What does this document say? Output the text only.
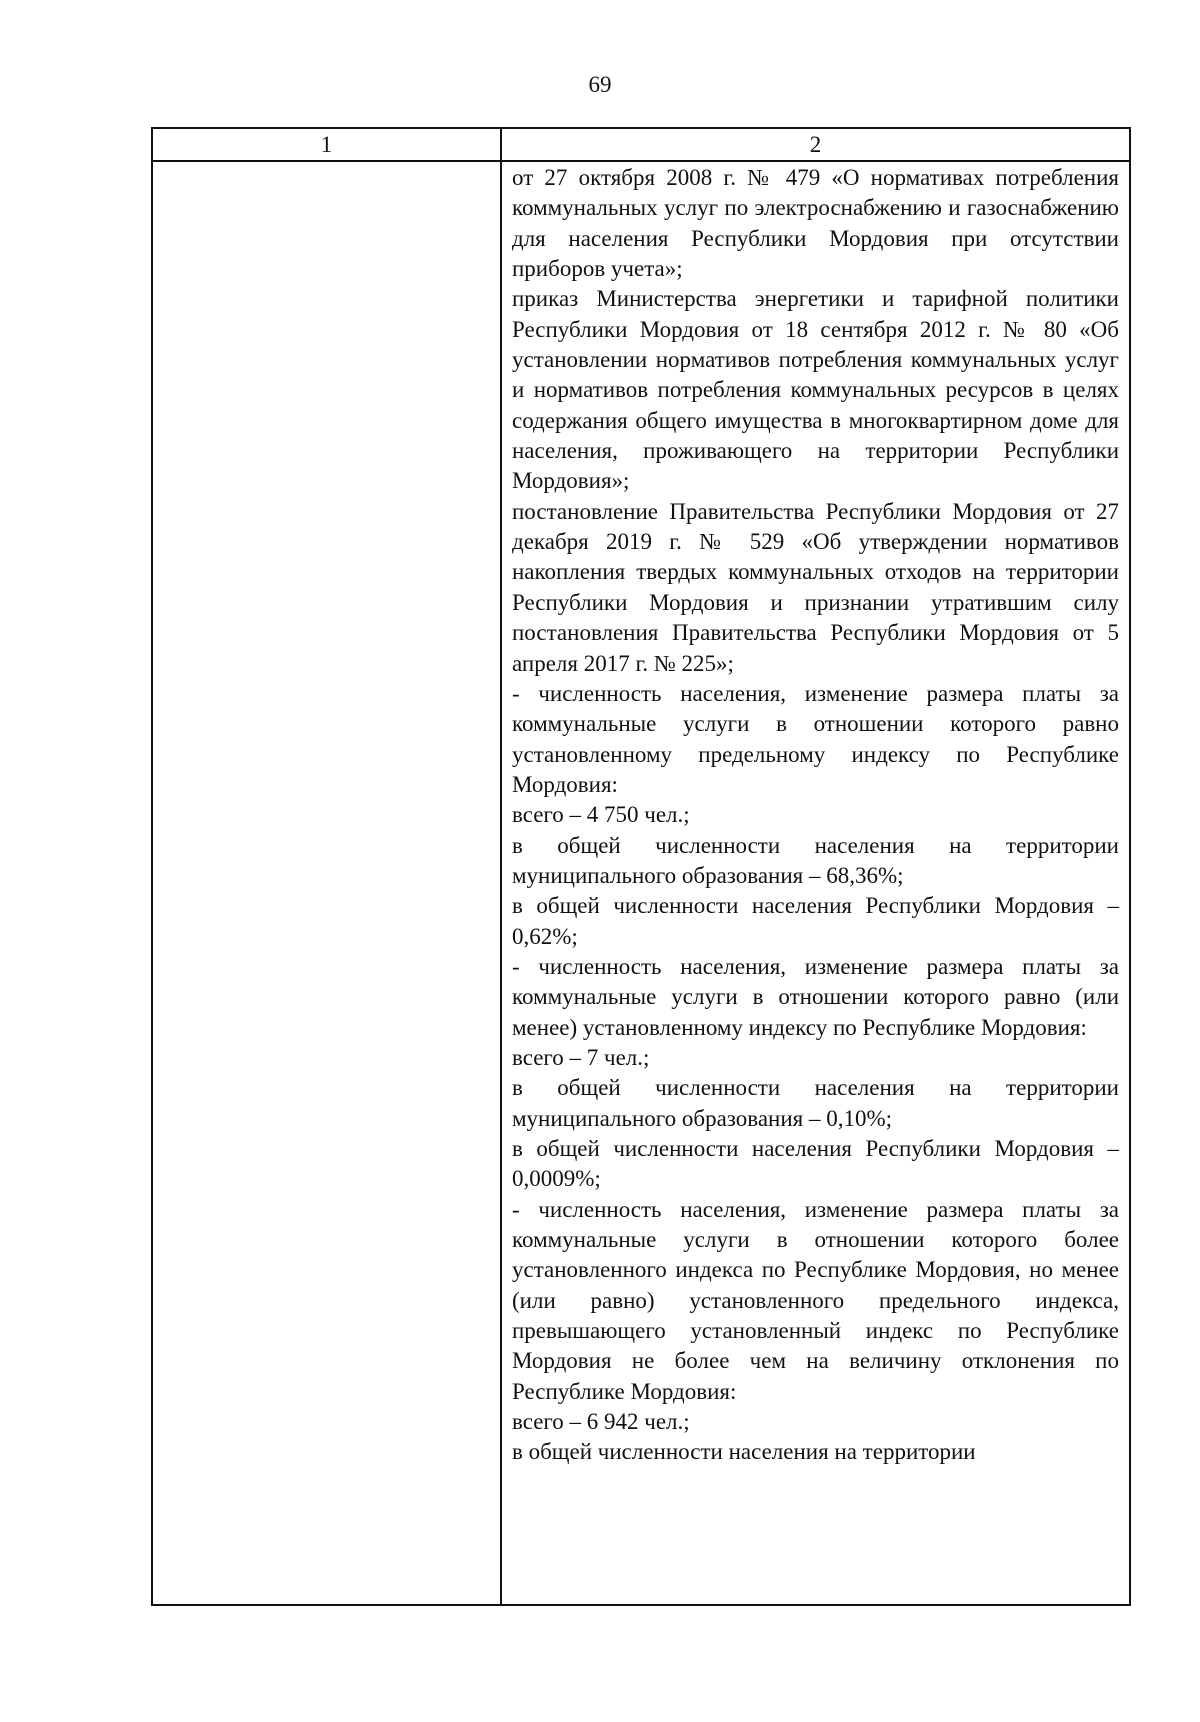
69
1	2

от 27 октября 2008 г. № 479 «О нормативах потребления коммунальных услуг по электроснабжению и газоснабжению для населения Республики Мордовия при отсутствии приборов учета»;

приказ Министерства энергетики и тарифной политики Республики Мордовия от 18 сентября 2012 г. № 80 «Об установлении нормативов потребления коммунальных услуг и нормативов потребления коммунальных ресурсов в целях содержания общего имущества в многоквартирном доме для населения, проживающего на территории Республики Мордовия»;

постановление Правительства Республики Мордовия от 27 декабря 2019 г. № 529 «Об утверждении нормативов накопления твердых коммунальных отходов на территории Республики Мордовия и признании утратившим силу постановления Правительства Республики Мордовия от 5 апреля 2017 г. № 225»;

- численность населения, изменение размера платы за коммунальные услуги в отношении которого равно установленному предельному индексу по Республике Мордовия:

всего – 4 750 чел.;

в общей численности населения на территории муниципального образования – 68,36%;

в общей численности населения Республики Мордовия – 0,62%;

- численность населения, изменение размера платы за коммунальные услуги в отношении которого равно (или менее) установленному индексу по Республике Мордовия:

всего – 7 чел.;

в общей численности населения на территории муниципального образования – 0,10%;

в общей численности населения Республики Мордовия – 0,0009%;

- численность населения, изменение размера платы за коммунальные услуги в отношении которого более установленного индекса по Республике Мордовия, но менее (или равно) установленного предельного индекса, превышающего установленный индекс по Республике Мордовия не более чем на величину отклонения по Республике Мордовия:

всего – 6 942 чел.;

в общей численности населения на территории
